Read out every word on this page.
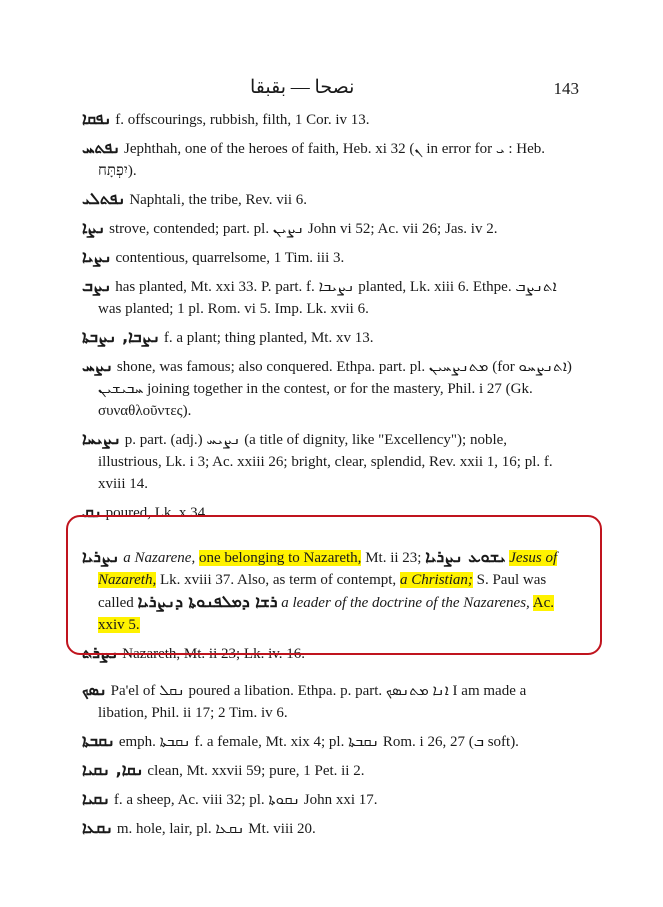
نصحا — بقبقا	143
ܢܦܩܐ f. offscourings, rubbish, filth, 1 Cor. iv 13.
ܢܦܬܚ Jephthah, one of the heroes of faith, Heb. xi 32 (ܢ in error for ܝ : Heb. יִפְתָּח).
ܢܦܬܠܝ Naphtali, the tribe, Rev. vii 6.
ܢܨܐ strove, contended; part. pl. ܢܨܝܢ John vi 52; Ac. vii 26; Jas. iv 2.
ܢܨܝܐ contentious, quarrelsome, 1 Tim. iii 3.
ܢܨܒ has planted, Mt. xxi 33. P. part. f. ܢܨܝܒܐ planted, Lk. xiii 6. Ethpe. ܐܬܢܨܒ was planted; 1 pl. Rom. vi 5. Imp. Lk. xvii 6.
ܢܨܒܐ, ܢܨܒܬܐ f. a plant; thing planted, Mt. xv 13.
ܢܨܚ shone, was famous; also conquered. Ethpa. part. pl. ܡܬܢܨܚܝܢ (for ܐܬܢܨܚܘ) ܚܒܝܫܝܢ joining together in the contest, or for the mastery, Phil. i 27 (Gk. συναθλοῦντες).
ܢܨܝܚܐ p. part. (adj.) ܢܨܝܚ (a title of dignity, like "Excellency"); noble, illustrious, Lk. i 3; Ac. xxiii 26; bright, clear, splendid, Rev. xxii 1, 16; pl. f. xviii 14.
ܢܩ poured, Lk. x 34.
ܢܨܪܝܐ a Nazarene, one belonging to Nazareth, Mt. ii 23; ܝܫܘܥ ܢܨܪܝܐ Jesus of Nazareth, Lk. xviii 37. Also, as term of contempt, a Christian; S. Paul was called ܪܫܐ ܕܡܠܦܢܘܬܐ ܕܢܨܪܝܐ a leader of the doctrine of the Nazarenes, Ac. xxiv 5.
ܢܨܪܬ Nazareth, Mt. ii 23; Lk. iv. 16.
ܢܣܟ Pa'el of ܢܩܠ poured a libation. Ethpa. p. part. ܐܢܐ ܡܬܢܣܟ I am made a libation, Phil. ii 17; 2 Tim. iv 6.
ܢܩܒܬܐ emph. ܢܩܒܬܐ f. a female, Mt. xix 4; pl. ܢܩܒܬܐ Rom. i 26, 27 (ܒ soft).
ܢܩܐ, ܢܩܝܐ clean, Mt. xxvii 59; pure, 1 Pet. ii 2.
ܢܩܝܐ f. a sheep, Ac. viii 32; pl. ܢܩܘܬܐ John xxi 17.
ܢܩܥܐ m. hole, lair, pl. ܢܩܥܐ Mt. viii 20.
